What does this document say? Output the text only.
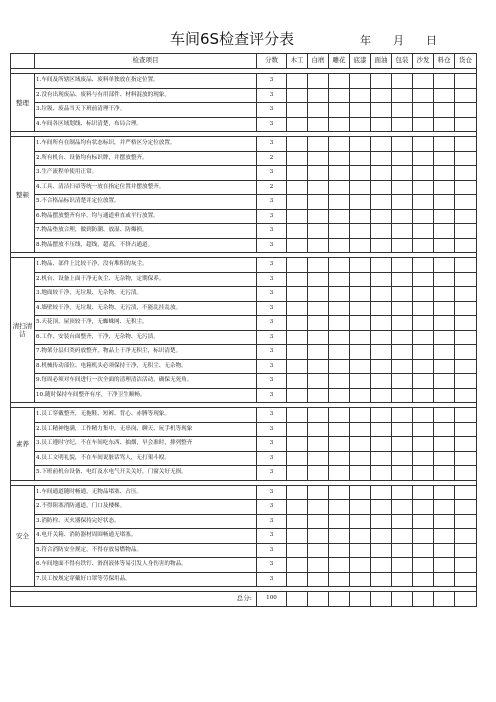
车间6S检查评分表	年 月 日
	检查项目	分数	木工	白磨	雕花	底漆	面油	包装	沙发	料仓	货仓

整理	1.车间及所辖区域废品、废料单独放在指定位置。	3									
	2.没有出现废品、废料与有用部件、材料混放的现象。	3									
	3.垃圾、废品当天下班前清理干净。	3									
	4.车间各区域划线、标识清楚，布局合理。	3									

整顿	1.车间所有在制品均有状态标识，并严格区分定位放置。	3									
	2.所有机台、设备均有标识牌，并摆放整齐。	2									
	3.生产流程单使用正常。	3									
	4.工具、清洁扫帚等统一放在指定位置并摆放整齐。	2									
	5.不合格品标识清楚并定位放置。	3									
	6.物品摆放整齐有序，均与通道垂直或平行放置。	3									
	7.物品垫放合理，做到防潮、放湿、防爆损。	3									
	8.物品摆放不压线，超线，超高，不挤占通道。	3									

清扫清洁	1.物品、部件上比较干净，没有堆积的灰尘。	3									
	2.机台、设备上面干净无灰尘、无杂物，定期保养。	3									
	3.地面较干净，无垃圾、无杂物、无污渍。	3									
	4.墙壁较干净，无垃圾、无杂物、无污渍，不能乱挂乱放。	3									
	5.天花顶、屋顶较干净，无蜘蛛网、无积尘。	3									
	6.工作、安装台面整齐，干净，无杂物、无污渍。	3									
	7.物架分层归类码放整齐，物品上干净无积尘，标识清楚。	3									
	8.机械传动部位、电箱机头必须保持干净，无积尘、无杂物。	3									
	9.每周必须对车间进行一次全面的清理清洁活动，确保无死角。	3									
	10.随时保持车间整齐有序，干净卫生顺畅。	3									

素养	1.员工穿戴整齐，无拖鞋、短裤、背心、赤膊等现象。	3									
	2.员工精神饱满，工作精力集中，无串岗、聊天、玩手机等现象	3									
	3.员工遵时守纪，不在车间吃东西、抽烟，早会准时，排列整齐	3									
	4.员工文明礼貌，不在车间说脏话骂人，无打架斗殴。	3									
	5.下班前机台设备、电灯及水电气开关关好，门窗关好无损。	3									

安全	1.车间通道随时畅通，无物品堵塞、占压。	3									
	2.不得阻塞消防通道，门口及楼梯。	3									
	3.消防栓、灭火器保持完好状态。	3									
	4.电开关箱、消防器材周围畅通无堵塞。	3									
	5.符合消防安全规定，不得存放易燃物品。	3									
	6.车间地面不得有铁钉、滑润液体等易引发人身伤害的物品。	3									
	7.员工按规定穿戴好口罩等劳保用品。	3									

总分:		100									
